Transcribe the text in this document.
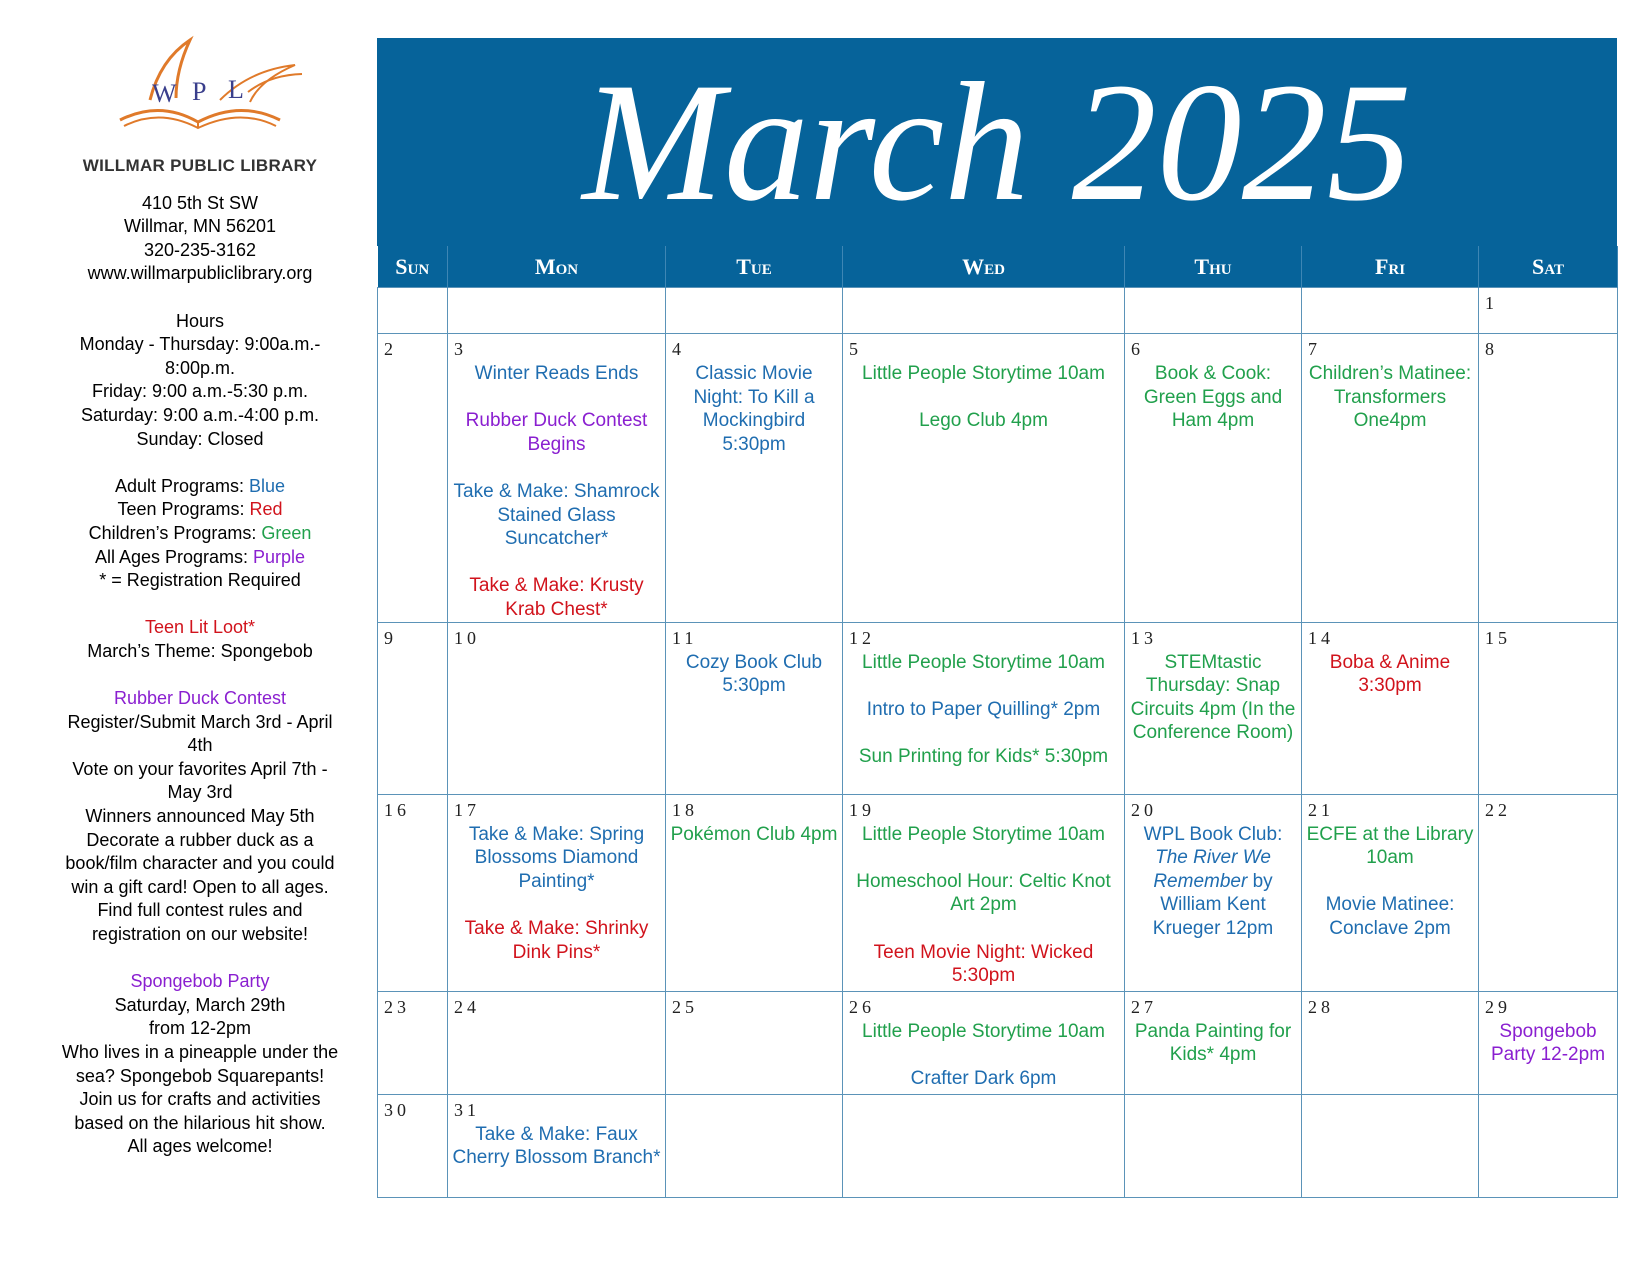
W P L
WILLMAR PUBLIC LIBRARY
410 5th St SW
Willmar, MN 56201
320-235-3162
www.willmarpubliclibrary.org
Hours
Monday - Thursday: 9:00a.m.-
8:00p.m.
Friday: 9:00 a.m.-5:30 p.m.
Saturday: 9:00 a.m.-4:00 p.m.
Sunday: Closed
Adult Programs: Blue
Teen Programs: Red
Children’s Programs: Green
All Ages Programs: Purple
* = Registration Required
Teen Lit Loot*
March’s Theme: Spongebob
Rubber Duck Contest
Register/Submit March 3rd - April
4th
Vote on your favorites April 7th -
May 3rd
Winners announced May 5th
Decorate a rubber duck as a
book/film character and you could
win a gift card! Open to all ages.
Find full contest rules and
registration on our website!
Spongebob Party
Saturday, March 29th
from 12-2pm
Who lives in a pineapple under the
sea? Spongebob Squarepants!
Join us for crafts and activities
based on the hilarious hit show.
All ages welcome!
March 2025
Sun	Mon	Tue	Wed	Thu	Fri	Sat

						1

2	3
Winter Reads Ends
Rubber Duck Contest Begins
Take & Make: Shamrock Stained Glass Suncatcher*
Take & Make: Krusty Krab Chest*	4
Classic Movie Night: To Kill a Mockingbird 5:30pm	5
Little People Storytime 10am
Lego Club 4pm	6
Book & Cook: Green Eggs and Ham 4pm	7
Children’s Matinee: Transformers One4pm	8

9	10	11
Cozy Book Club 5:30pm	12
Little People Storytime 10am
Intro to Paper Quilling* 2pm
Sun Printing for Kids* 5:30pm	13
STEMtastic Thursday: Snap Circuits 4pm (In the Conference Room)	14
Boba & Anime 3:30pm	15

16	17
Take & Make: Spring Blossoms Diamond Painting*
Take & Make: Shrinky Dink Pins*	18
Pokémon Club 4pm	19
Little People Storytime 10am
Homeschool Hour: Celtic Knot Art 2pm
Teen Movie Night: Wicked 5:30pm	20
WPL Book Club: The River We Remember by William Kent Krueger 12pm	21
ECFE at the Library 10am
Movie Matinee: Conclave 2pm	22

23	24	25	26
Little People Storytime 10am
Crafter Dark 6pm	27
Panda Painting for Kids* 4pm	28	29
Spongebob Party 12-2pm

30	31
Take & Make: Faux Cherry Blossom Branch*					
